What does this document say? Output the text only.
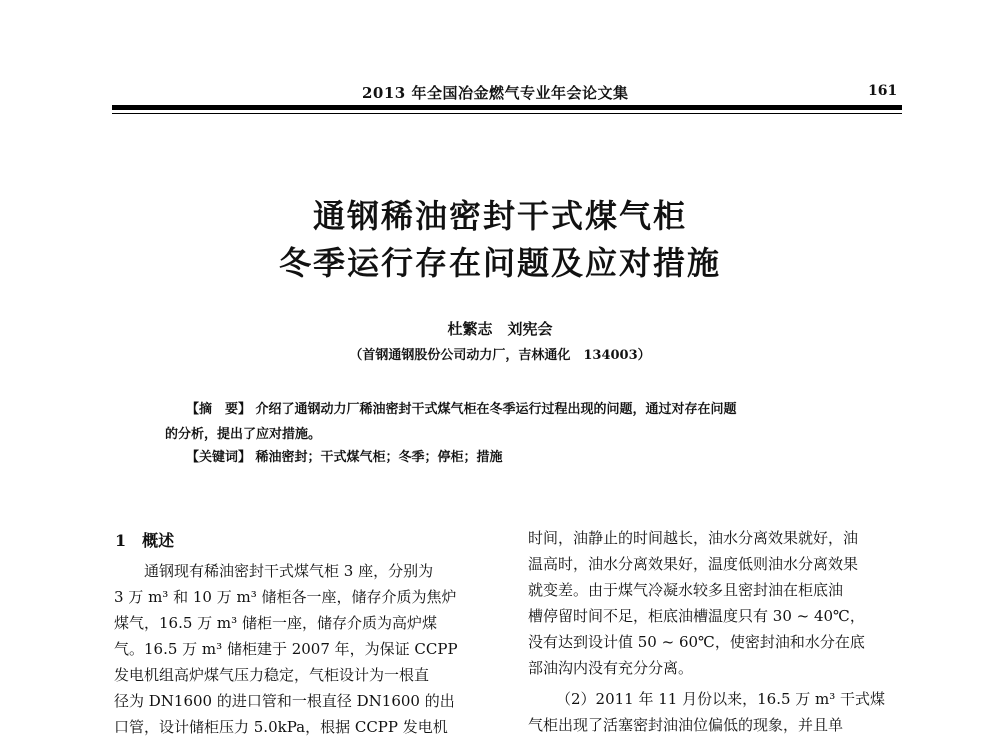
2013 年全国冶金燃气专业年会论文集	161
通钢稀油密封干式煤气柜
冬季运行存在问题及应对措施
杜繁志　刘宪会
（首钢通钢股份公司动力厂，吉林通化　134003）
【摘　要】 介绍了通钢动力厂稀油密封干式煤气柜在冬季运行过程出现的问题，通过对存在问题
的分析，提出了应对措施。
【关键词】 稀油密封；干式煤气柜；冬季；停柜；措施
1　概述
通钢现有稀油密封干式煤气柜 3 座，分别为
3 万 m³ 和 10 万 m³ 储柜各一座，储存介质为焦炉
煤气，16.5 万 m³ 储柜一座，储存介质为高炉煤
气。16.5 万 m³ 储柜建于 2007 年，为保证 CCPP
发电机组高炉煤气压力稳定，气柜设计为一根直
径为 DN1600 的进口管和一根直径 DN1600 的出
口管，设计储柜压力 5.0kPa，根据 CCPP 发电机
时间，油静止的时间越长，油水分离效果就好，油
温高时，油水分离效果好，温度低则油水分离效果
就变差。由于煤气冷凝水较多且密封油在柜底油
槽停留时间不足，柜底油槽温度只有 30 ~ 40℃，
没有达到设计值 50 ~ 60℃，使密封油和水分在底
部油沟内没有充分分离。
（2）2011 年 11 月份以来，16.5 万 m³ 干式煤
气柜出现了活塞密封油油位偏低的现象，并且单
